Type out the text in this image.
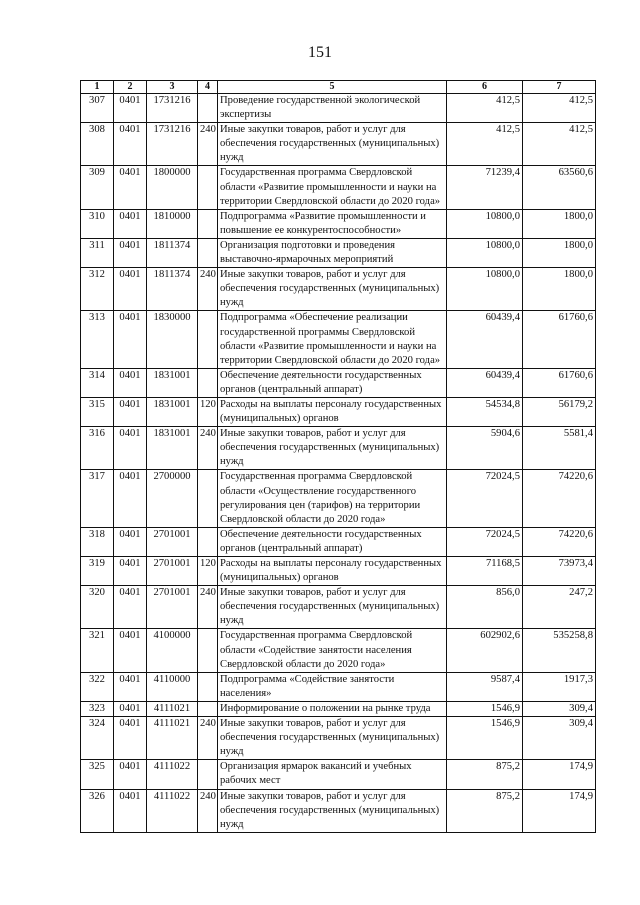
151
1	2	3	4	5	6	7
307	0401	1731216		Проведение государственной экологической экспертизы	412,5	412,5
308	0401	1731216	240	Иные закупки товаров, работ и услуг для обеспечения государственных (муниципальных) нужд	412,5	412,5
309	0401	1800000		Государственная программа Свердловской области «Развитие промышленности и науки на территории Свердловской области до 2020 года»	71239,4	63560,6
310	0401	1810000		Подпрограмма «Развитие промышленности и повышение ее конкурентоспособности»	10800,0	1800,0
311	0401	1811374		Организация подготовки и проведения выставочно-ярмарочных мероприятий	10800,0	1800,0
312	0401	1811374	240	Иные закупки товаров, работ и услуг для обеспечения государственных (муниципальных) нужд	10800,0	1800,0
313	0401	1830000		Подпрограмма «Обеспечение реализации государственной программы Свердловской области «Развитие промышленности и науки на территории Свердловской области до 2020 года»	60439,4	61760,6
314	0401	1831001		Обеспечение деятельности государственных органов (центральный аппарат)	60439,4	61760,6
315	0401	1831001	120	Расходы на выплаты персоналу государственных (муниципальных) органов	54534,8	56179,2
316	0401	1831001	240	Иные закупки товаров, работ и услуг для обеспечения государственных (муниципальных) нужд	5904,6	5581,4
317	0401	2700000		Государственная программа Свердловской области «Осуществление государственного регулирования цен (тарифов) на территории Свердловской области до 2020 года»	72024,5	74220,6
318	0401	2701001		Обеспечение деятельности государственных органов (центральный аппарат)	72024,5	74220,6
319	0401	2701001	120	Расходы на выплаты персоналу государственных (муниципальных) органов	71168,5	73973,4
320	0401	2701001	240	Иные закупки товаров, работ и услуг для обеспечения государственных (муниципальных) нужд	856,0	247,2
321	0401	4100000		Государственная программа Свердловской области «Содействие занятости населения Свердловской области до 2020 года»	602902,6	535258,8
322	0401	4110000		Подпрограмма «Содействие занятости населения»	9587,4	1917,3
323	0401	4111021		Информирование о положении на рынке труда	1546,9	309,4
324	0401	4111021	240	Иные закупки товаров, работ и услуг для обеспечения государственных (муниципальных) нужд	1546,9	309,4
325	0401	4111022		Организация ярмарок вакансий и учебных рабочих мест	875,2	174,9
326	0401	4111022	240	Иные закупки товаров, работ и услуг для обеспечения государственных (муниципальных) нужд	875,2	174,9
